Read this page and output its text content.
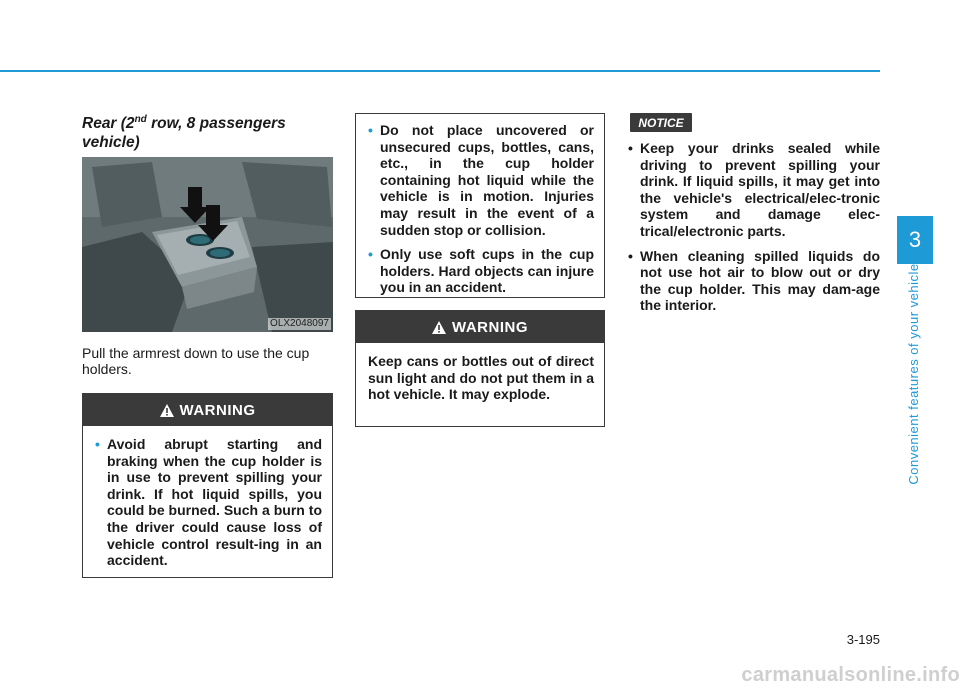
Rear (2nd row, 8 passengers vehicle)
OLX2048097
Pull the armrest down to use the cup holders.
WARNING
• Avoid abrupt starting and braking when the cup holder is in use to prevent spilling your drink. If hot liquid spills, you could be burned. Such a burn to the driver could cause loss of vehicle control result-ing in an accident.
• Do not place uncovered or unsecured cups, bottles, cans, etc., in the cup holder containing hot liquid while the vehicle is in motion. Injuries may result in the event of a sudden stop or collision.
• Only use soft cups in the cup holders. Hard objects can injure you in an accident.
WARNING

Keep cans or bottles out of direct sun light and do not put them in a hot vehicle. It may explode.

NOTICE
• Keep your drinks sealed while driving to prevent spilling your drink. If liquid spills, it may get into the vehicle's electrical/elec-tronic system and damage elec-trical/electronic parts.
• When cleaning spilled liquids do not use hot air to blow out or dry the cup holder. This may dam-age the interior.
3
Convenient features of your vehicle
3-195
carmanualsonline.info
